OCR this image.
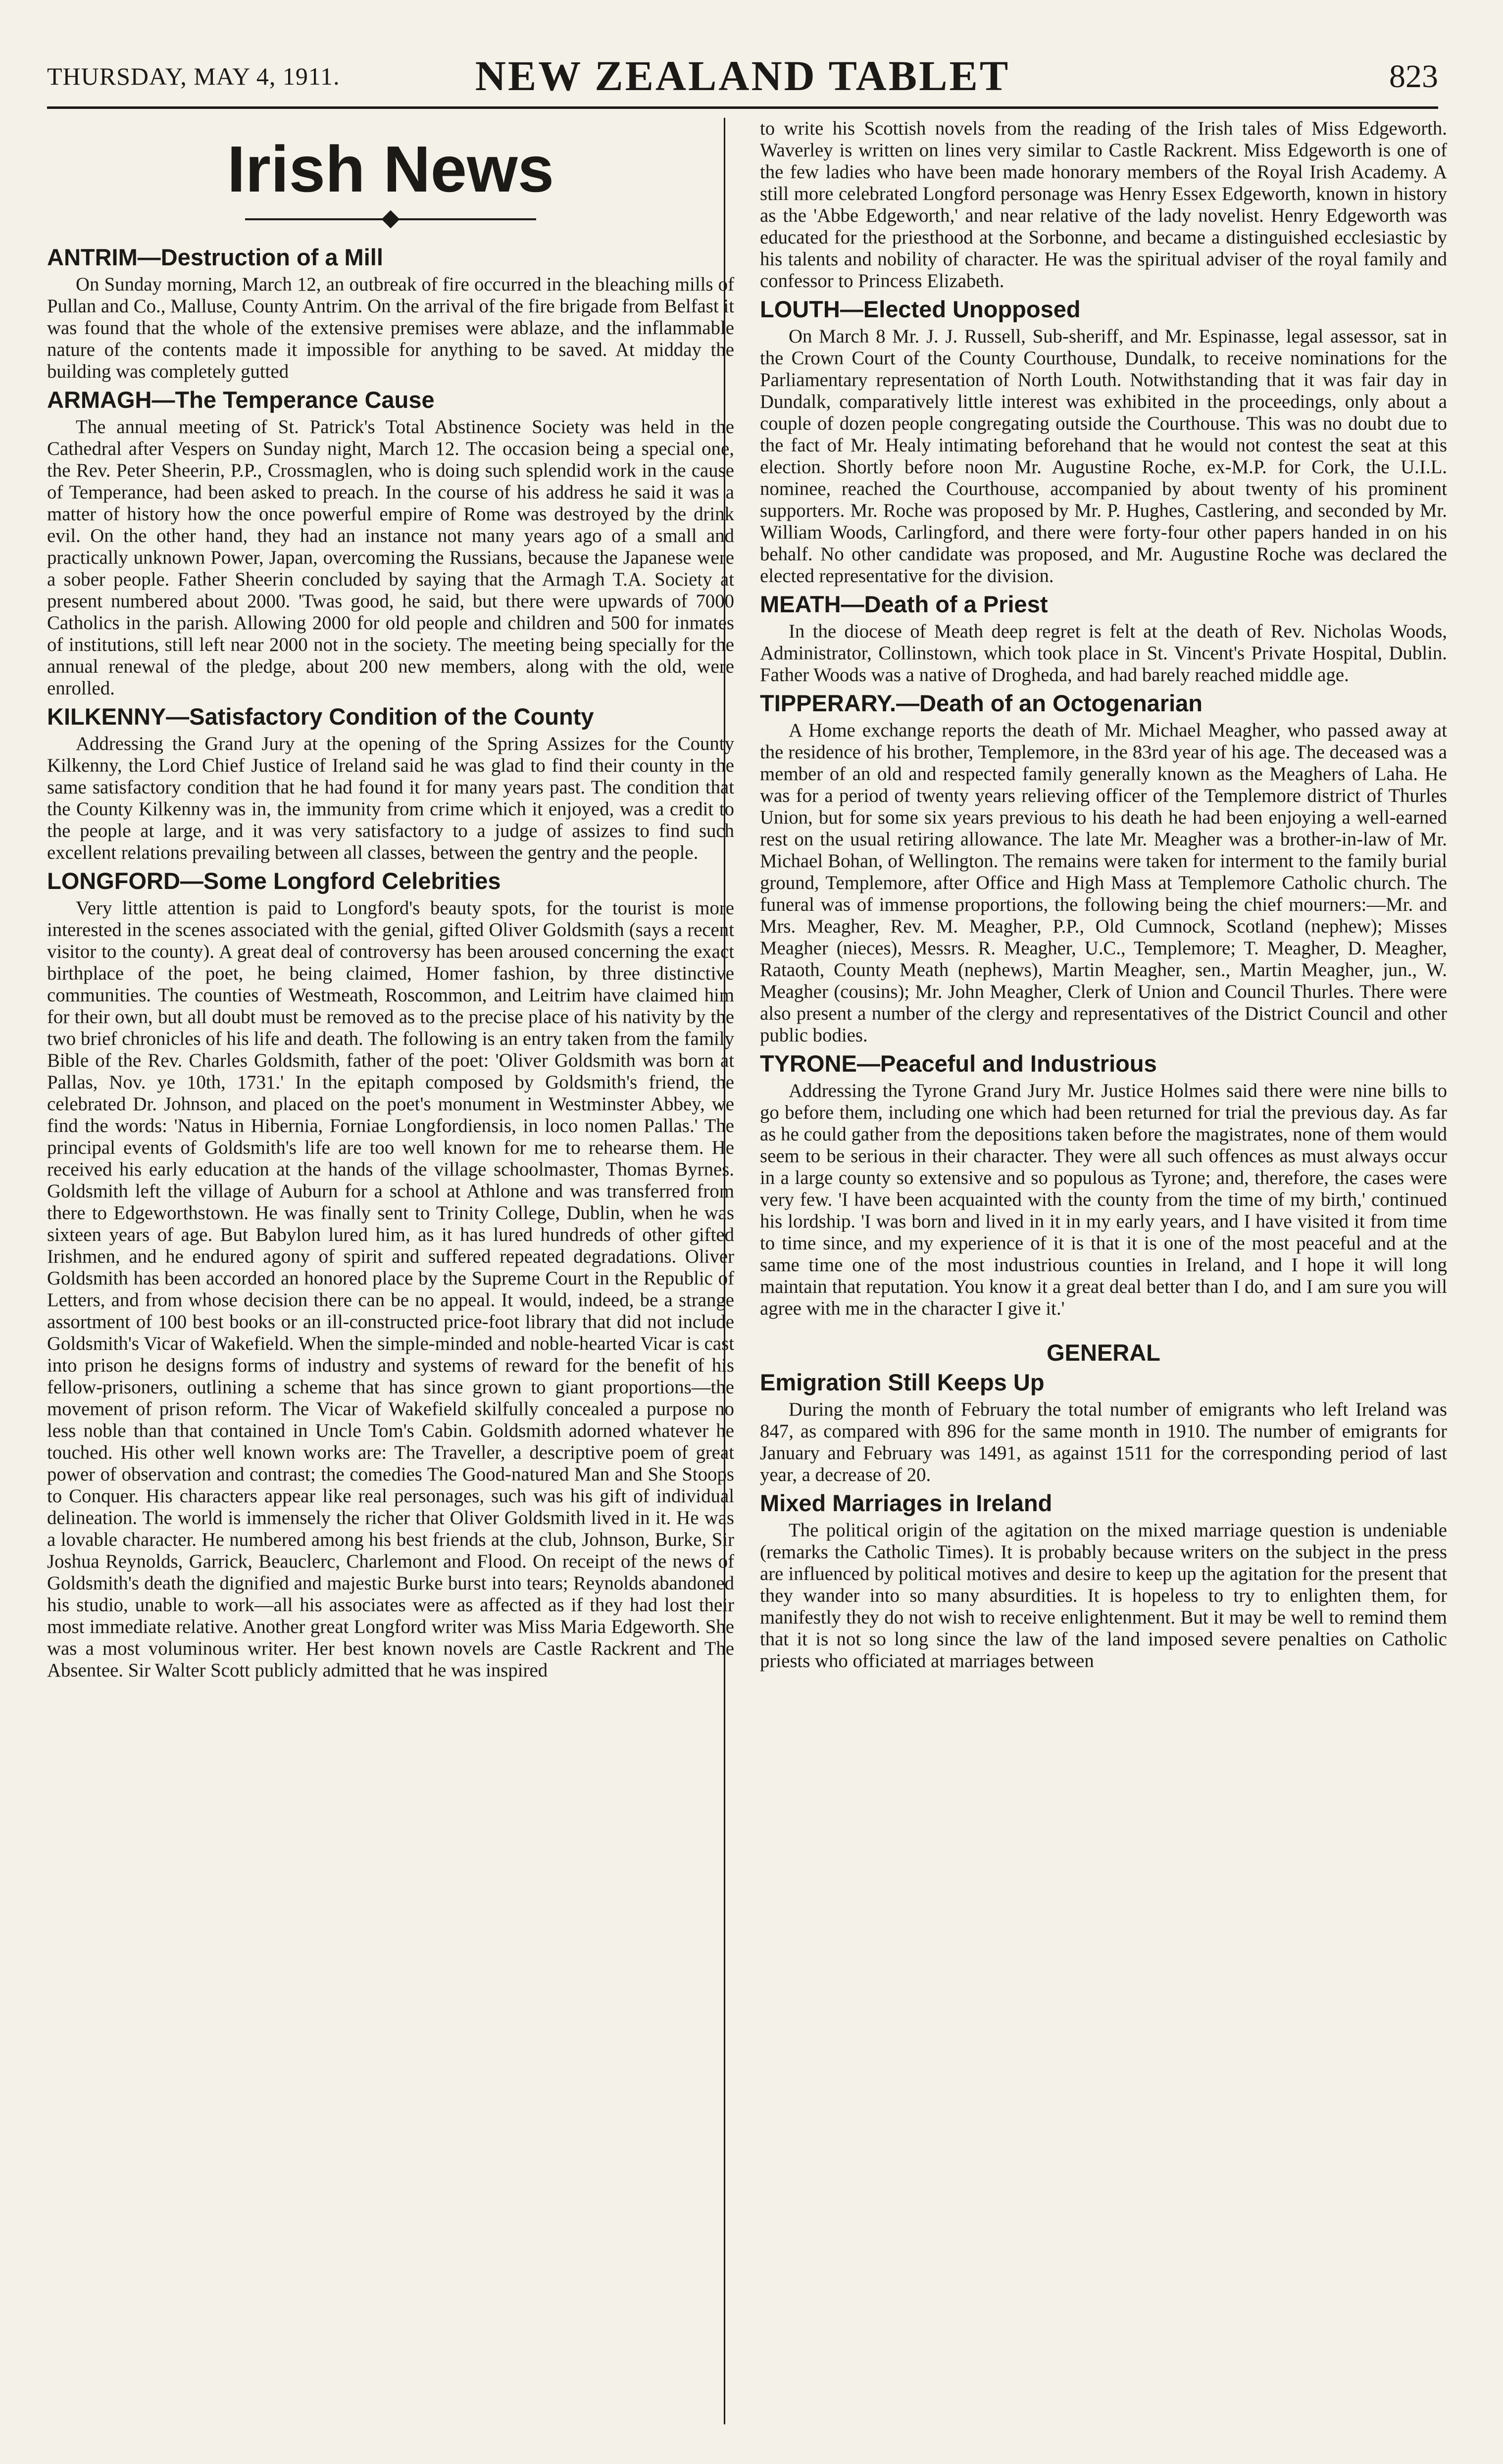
THURSDAY, MAY 4, 1911.	NEW ZEALAND TABLET	823
Irish News
ANTRIM—Destruction of a Mill

On Sunday morning, March 12, an outbreak of fire occurred in the bleaching mills of Pullan and Co., Malluse, County Antrim. On the arrival of the fire brigade from Belfast it was found that the whole of the extensive premises were ablaze, and the inflammable nature of the contents made it impossible for anything to be saved. At midday the building was completely gutted

ARMAGH—The Temperance Cause

The annual meeting of St. Patrick's Total Abstinence Society was held in the Cathedral after Vespers on Sunday night, March 12. The occasion being a special one, the Rev. Peter Sheerin, P.P., Crossmaglen, who is doing such splendid work in the cause of Temperance, had been asked to preach. In the course of his address he said it was a matter of history how the once powerful empire of Rome was destroyed by the drink evil. On the other hand, they had an instance not many years ago of a small and practically unknown Power, Japan, overcoming the Russians, because the Japanese were a sober people. Father Sheerin concluded by saying that the Armagh T.A. Society at present numbered about 2000. 'Twas good, he said, but there were upwards of 7000 Catholics in the parish. Allowing 2000 for old people and children and 500 for inmates of institutions, still left near 2000 not in the society. The meeting being specially for the annual renewal of the pledge, about 200 new members, along with the old, were enrolled.

KILKENNY—Satisfactory Condition of the County

Addressing the Grand Jury at the opening of the Spring Assizes for the County Kilkenny, the Lord Chief Justice of Ireland said he was glad to find their county in the same satisfactory condition that he had found it for many years past. The condition that the County Kilkenny was in, the immunity from crime which it enjoyed, was a credit to the people at large, and it was very satisfactory to a judge of assizes to find such excellent relations prevailing between all classes, between the gentry and the people.

LONGFORD—Some Longford Celebrities

Very little attention is paid to Longford's beauty spots, for the tourist is more interested in the scenes associated with the genial, gifted Oliver Goldsmith (says a recent visitor to the county). A great deal of controversy has been aroused concerning the exact birthplace of the poet, he being claimed, Homer fashion, by three distinctive communities. The counties of Westmeath, Roscommon, and Leitrim have claimed him for their own, but all doubt must be removed as to the precise place of his nativity by the two brief chronicles of his life and death. The following is an entry taken from the family Bible of the Rev. Charles Goldsmith, father of the poet: 'Oliver Goldsmith was born at Pallas, Nov. ye 10th, 1731.' In the epitaph composed by Goldsmith's friend, the celebrated Dr. Johnson, and placed on the poet's monument in Westminster Abbey, we find the words: 'Natus in Hibernia, Forniae Longfordiensis, in loco nomen Pallas.' The principal events of Goldsmith's life are too well known for me to rehearse them. He received his early education at the hands of the village schoolmaster, Thomas Byrnes. Goldsmith left the village of Auburn for a school at Athlone and was transferred from there to Edgeworthstown. He was finally sent to Trinity College, Dublin, when he was sixteen years of age. But Babylon lured him, as it has lured hundreds of other gifted Irishmen, and he endured agony of spirit and suffered repeated degradations. Oliver Goldsmith has been accorded an honored place by the Supreme Court in the Republic of Letters, and from whose decision there can be no appeal. It would, indeed, be a strange assortment of 100 best books or an ill-constructed price-foot library that did not include Goldsmith's Vicar of Wakefield. When the simple-minded and noble-hearted Vicar is cast into prison he designs forms of industry and systems of reward for the benefit of his fellow-prisoners, outlining a scheme that has since grown to giant proportions—the movement of prison reform. The Vicar of Wakefield skilfully concealed a purpose no less noble than that contained in Uncle Tom's Cabin. Goldsmith adorned whatever he touched. His other well known works are: The Traveller, a descriptive poem of great power of observation and contrast; the comedies The Good-natured Man and She Stoops to Conquer. His characters appear like real personages, such was his gift of individual delineation. The world is immensely the richer that Oliver Goldsmith lived in it. He was a lovable character. He numbered among his best friends at the club, Johnson, Burke, Sir Joshua Reynolds, Garrick, Beauclerc, Charlemont and Flood. On receipt of the news of Goldsmith's death the dignified and majestic Burke burst into tears; Reynolds abandoned his studio, unable to work—all his associates were as affected as if they had lost their most immediate relative. Another great Longford writer was Miss Maria Edgeworth. She was a most voluminous writer. Her best known novels are Castle Rackrent and The Absentee. Sir Walter Scott publicly admitted that he was inspired

to write his Scottish novels from the reading of the Irish tales of Miss Edgeworth. Waverley is written on lines very similar to Castle Rackrent. Miss Edgeworth is one of the few ladies who have been made honorary members of the Royal Irish Academy. A still more celebrated Longford personage was Henry Essex Edgeworth, known in history as the 'Abbe Edgeworth,' and near relative of the lady novelist. Henry Edgeworth was educated for the priesthood at the Sorbonne, and became a distinguished ecclesiastic by his talents and nobility of character. He was the spiritual adviser of the royal family and confessor to Princess Elizabeth.

LOUTH—Elected Unopposed

On March 8 Mr. J. J. Russell, Sub-sheriff, and Mr. Espinasse, legal assessor, sat in the Crown Court of the County Courthouse, Dundalk, to receive nominations for the Parliamentary representation of North Louth. Notwithstanding that it was fair day in Dundalk, comparatively little interest was exhibited in the proceedings, only about a couple of dozen people congregating outside the Courthouse. This was no doubt due to the fact of Mr. Healy intimating beforehand that he would not contest the seat at this election. Shortly before noon Mr. Augustine Roche, ex-M.P. for Cork, the U.I.L. nominee, reached the Courthouse, accompanied by about twenty of his prominent supporters. Mr. Roche was proposed by Mr. P. Hughes, Castlering, and seconded by Mr. William Woods, Carlingford, and there were forty-four other papers handed in on his behalf. No other candidate was proposed, and Mr. Augustine Roche was declared the elected representative for the division.

MEATH—Death of a Priest

In the diocese of Meath deep regret is felt at the death of Rev. Nicholas Woods, Administrator, Collinstown, which took place in St. Vincent's Private Hospital, Dublin. Father Woods was a native of Drogheda, and had barely reached middle age.

TIPPERARY.—Death of an Octogenarian

A Home exchange reports the death of Mr. Michael Meagher, who passed away at the residence of his brother, Templemore, in the 83rd year of his age. The deceased was a member of an old and respected family generally known as the Meaghers of Laha. He was for a period of twenty years relieving officer of the Templemore district of Thurles Union, but for some six years previous to his death he had been enjoying a well-earned rest on the usual retiring allowance. The late Mr. Meagher was a brother-in-law of Mr. Michael Bohan, of Wellington. The remains were taken for interment to the family burial ground, Templemore, after Office and High Mass at Templemore Catholic church. The funeral was of immense proportions, the following being the chief mourners:—Mr. and Mrs. Meagher, Rev. M. Meagher, P.P., Old Cumnock, Scotland (nephew); Misses Meagher (nieces), Messrs. R. Meagher, U.C., Templemore; T. Meagher, D. Meagher, Rataoth, County Meath (nephews), Martin Meagher, sen., Martin Meagher, jun., W. Meagher (cousins); Mr. John Meagher, Clerk of Union and Council Thurles. There were also present a number of the clergy and representatives of the District Council and other public bodies.

TYRONE—Peaceful and Industrious

Addressing the Tyrone Grand Jury Mr. Justice Holmes said there were nine bills to go before them, including one which had been returned for trial the previous day. As far as he could gather from the depositions taken before the magistrates, none of them would seem to be serious in their character. They were all such offences as must always occur in a large county so extensive and so populous as Tyrone; and, therefore, the cases were very few. 'I have been acquainted with the county from the time of my birth,' continued his lordship. 'I was born and lived in it in my early years, and I have visited it from time to time since, and my experience of it is that it is one of the most peaceful and at the same time one of the most industrious counties in Ireland, and I hope it will long maintain that reputation. You know it a great deal better than I do, and I am sure you will agree with me in the character I give it.'

GENERAL
Emigration Still Keeps Up

During the month of February the total number of emigrants who left Ireland was 847, as compared with 896 for the same month in 1910. The number of emigrants for January and February was 1491, as against 1511 for the corresponding period of last year, a decrease of 20.

Mixed Marriages in Ireland

The political origin of the agitation on the mixed marriage question is undeniable (remarks the Catholic Times). It is probably because writers on the subject in the press are influenced by political motives and desire to keep up the agitation for the present that they wander into so many absurdities. It is hopeless to try to enlighten them, for manifestly they do not wish to receive enlightenment. But it may be well to remind them that it is not so long since the law of the land imposed severe penalties on Catholic priests who officiated at marriages between
